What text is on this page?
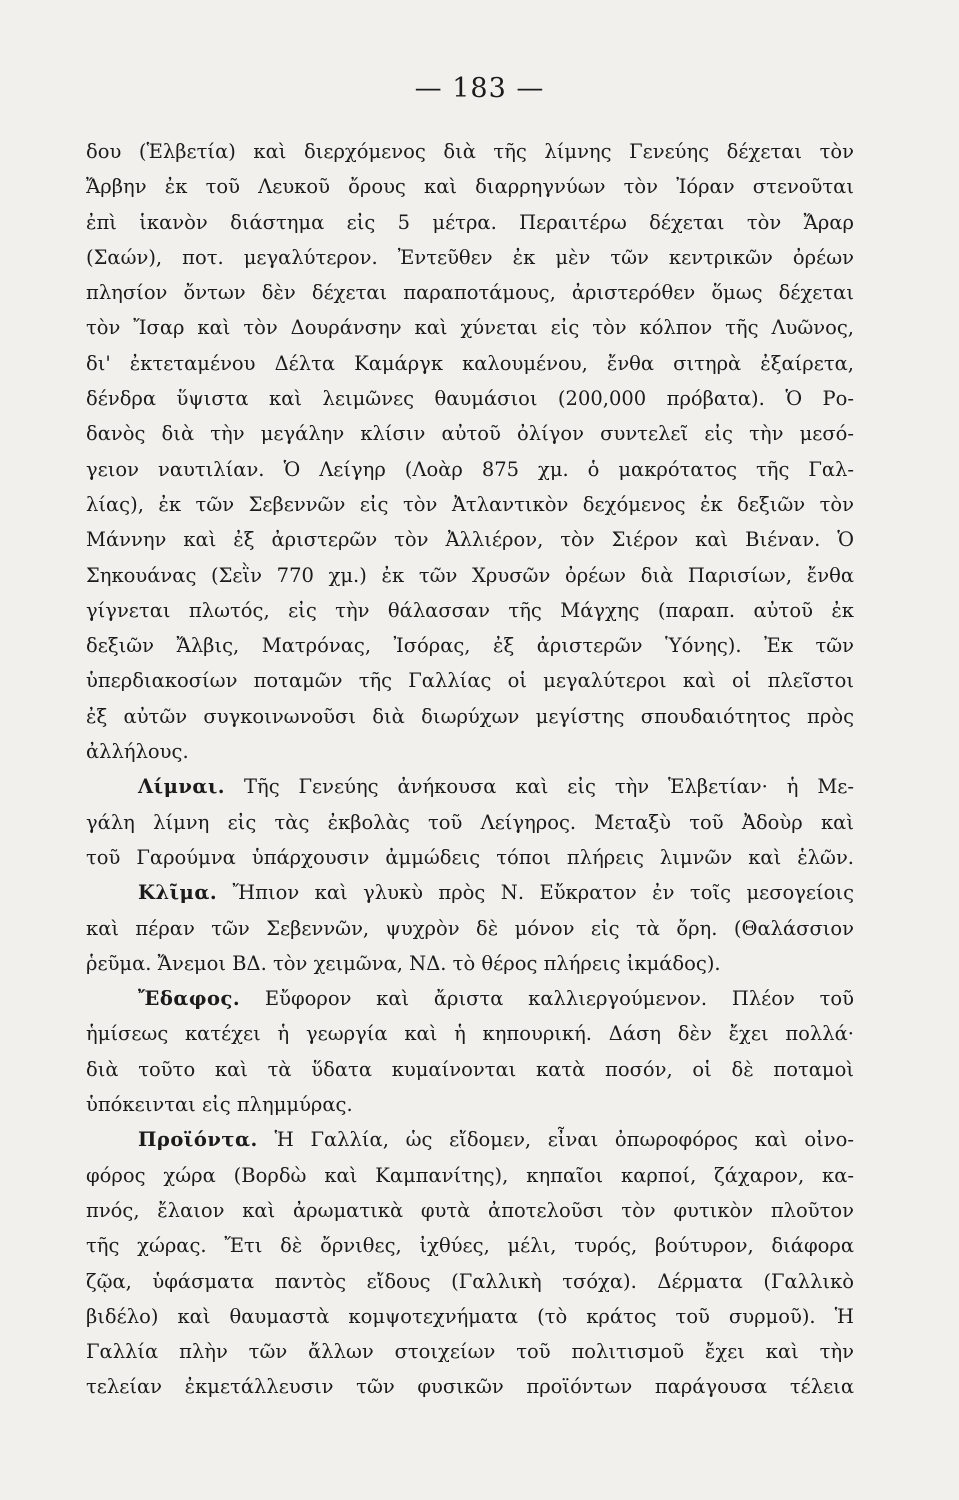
— 183 —
δου (Ἑλβετία) καὶ διερχόμενος διὰ τῆς λίμνης Γενεύης δέχεται τὸν
Ἄρβην ἐκ τοῦ Λευκοῦ ὄρους καὶ διαρρηγνύων τὸν Ἰόραν στενοῦται
ἐπὶ ἱκανὸν διάστημα εἰς 5 μέτρα. Περαιτέρω δέχεται τὸν Ἄραρ
(Σαών), ποτ. μεγαλύτερον. Ἐντεῦθεν ἐκ μὲν τῶν κεντρικῶν ὀρέων
πλησίον ὄντων δὲν δέχεται παραποτάμους, ἀριστερόθεν ὅμως δέχεται
τὸν Ἴσαρ καὶ τὸν Δουράνσην καὶ χύνεται εἰς τὸν κόλπον τῆς Λυῶνος,
δι' ἐκτεταμένου Δέλτα Καμάργκ καλουμένου, ἔνθα σιτηρὰ ἐξαίρετα,
δένδρα ὕψιστα καὶ λειμῶνες θαυμάσιοι (200,000 πρόβατα). Ὁ Ρο-
δανὸς διὰ τὴν μεγάλην κλίσιν αὐτοῦ ὀλίγον συντελεῖ εἰς τὴν μεσό-
γειον ναυτιλίαν. Ὁ Λείγηρ (Λοὰρ 875 χμ. ὁ μακρότατος τῆς Γαλ-
λίας), ἐκ τῶν Σεβεννῶν εἰς τὸν Ἀτλαντικὸν δεχόμενος ἐκ δεξιῶν τὸν
Μάννην καὶ ἐξ ἀριστερῶν τὸν Ἀλλιέρον, τὸν Σιέρον καὶ Βιέναν. Ὁ
Σηκουάνας (Σεῒν 770 χμ.) ἐκ τῶν Χρυσῶν ὀρέων διὰ Παρισίων, ἔνθα
γίγνεται πλωτός, εἰς τὴν θάλασσαν τῆς Μάγχης (παραπ. αὐτοῦ ἐκ
δεξιῶν Ἄλβις, Ματρόνας, Ἰσόρας, ἐξ ἀριστερῶν Ὑόνης). Ἐκ τῶν
ὑπερδιακοσίων ποταμῶν τῆς Γαλλίας οἱ μεγαλύτεροι καὶ οἱ πλεῖστοι
ἐξ αὐτῶν συγκοινωνοῦσι διὰ διωρύχων μεγίστης σπουδαιότητος πρὸς
ἀλλήλους.
Λίμναι. Τῆς Γενεύης ἀνήκουσα καὶ εἰς τὴν Ἑλβετίαν· ἡ Με-
γάλη λίμνη εἰς τὰς ἐκβολὰς τοῦ Λείγηρος. Μεταξὺ τοῦ Ἀδοὺρ καὶ
τοῦ Γαρούμνα ὑπάρχουσιν ἀμμώδεις τόποι πλήρεις λιμνῶν καὶ ἑλῶν.
Κλῖμα. Ἤπιον καὶ γλυκὺ πρὸς Ν. Εὔκρατον ἐν τοῖς μεσογείοις
καὶ πέραν τῶν Σεβεννῶν, ψυχρὸν δὲ μόνον εἰς τὰ ὄρη. (Θαλάσσιον
ῥεῦμα. Ἄνεμοι ΒΔ. τὸν χειμῶνα, ΝΔ. τὸ θέρος πλήρεις ἰκμάδος).
Ἔδαφος. Εὔφορον καὶ ἄριστα καλλιεργούμενον. Πλέον τοῦ
ἡμίσεως κατέχει ἡ γεωργία καὶ ἡ κηπουρική. Δάση δὲν ἔχει πολλά·
διὰ τοῦτο καὶ τὰ ὕδατα κυμαίνονται κατὰ ποσόν, οἱ δὲ ποταμοὶ
ὑπόκεινται εἰς πλημμύρας.
Προϊόντα. Ἡ Γαλλία, ὡς εἴδομεν, εἶναι ὀπωροφόρος καὶ οἰνο-
φόρος χώρα (Βορδὼ καὶ Καμπανίτης), κηπαῖοι καρποί, ζάχαρον, κα-
πνός, ἔλαιον καὶ ἀρωματικὰ φυτὰ ἀποτελοῦσι τὸν φυτικὸν πλοῦτον
τῆς χώρας. Ἔτι δὲ ὄρνιθες, ἰχθύες, μέλι, τυρός, βούτυρον, διάφορα
ζῷα, ὑφάσματα παντὸς εἴδους (Γαλλικὴ τσόχα). Δέρματα (Γαλλικὸ
βιδέλο) καὶ θαυμαστὰ κομψοτεχνήματα (τὸ κράτος τοῦ συρμοῦ). Ἡ
Γαλλία πλὴν τῶν ἄλλων στοιχείων τοῦ πολιτισμοῦ ἔχει καὶ τὴν
τελείαν ἐκμετάλλευσιν τῶν φυσικῶν προϊόντων παράγουσα τέλεια
